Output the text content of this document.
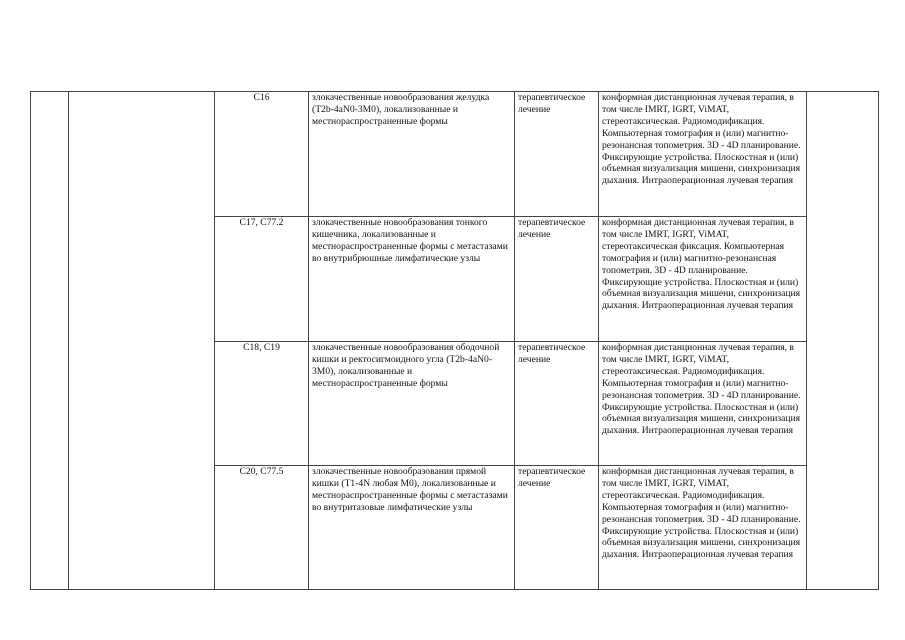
		C16	злокачественные новообразования желудка (T2b-4aN0-3M0), локализованные и местнораспространенные формы	терапевтическое лечение	конформная дистанционная лучевая терапия, в том числе IMRT, IGRT, ViMAT, стереотаксическая. Радиомодификация. Компьютерная томография и (или) магнитно-резонансная топометрия. 3D - 4D планирование. Фиксирующие устройства. Плоскостная и (или) объемная визуализация мишени, синхронизация дыхания. Интраоперационная лучевая терапия	
		C17, C77.2	злокачественные новообразования тонкого кишечника, локализованные и местнораспространенные формы с метастазами во внутрибрюшные лимфатические узлы	терапевтическое лечение	конформная дистанционная лучевая терапия, в том числе IMRT, IGRT, ViMAT, стереотаксическая фиксация. Компьютерная томография и (или) магнитно-резонансная топометрия. 3D - 4D планирование. Фиксирующие устройства. Плоскостная и (или) объемная визуализация мишени, синхронизация дыхания. Интраоперационная лучевая терапия	
		C18, C19	злокачественные новообразования ободочной кишки и ректосигмоидного угла (T2b-4aN0-3M0), локализованные и местнораспространенные формы	терапевтическое лечение	конформная дистанционная лучевая терапия, в том числе IMRT, IGRT, ViMAT, стереотаксическая. Радиомодификация. Компьютерная томография и (или) магнитно-резонансная топометрия. 3D - 4D планирование. Фиксирующие устройства. Плоскостная и (или) объемная визуализация мишени, синхронизация дыхания. Интраоперационная лучевая терапия	
		C20, C77.5	злокачественные новообразования прямой кишки (T1-4N любая M0), локализованные и местнораспространенные формы с метастазами во внутритазовые лимфатические узлы	терапевтическое лечение	конформная дистанционная лучевая терапия, в том числе IMRT, IGRT, ViMAT, стереотаксическая. Радиомодификация. Компьютерная томография и (или) магнитно-резонансная топометрия. 3D - 4D планирование. Фиксирующие устройства. Плоскостная и (или) объемная визуализация мишени, синхронизация дыхания. Интраоперационная лучевая терапия	
